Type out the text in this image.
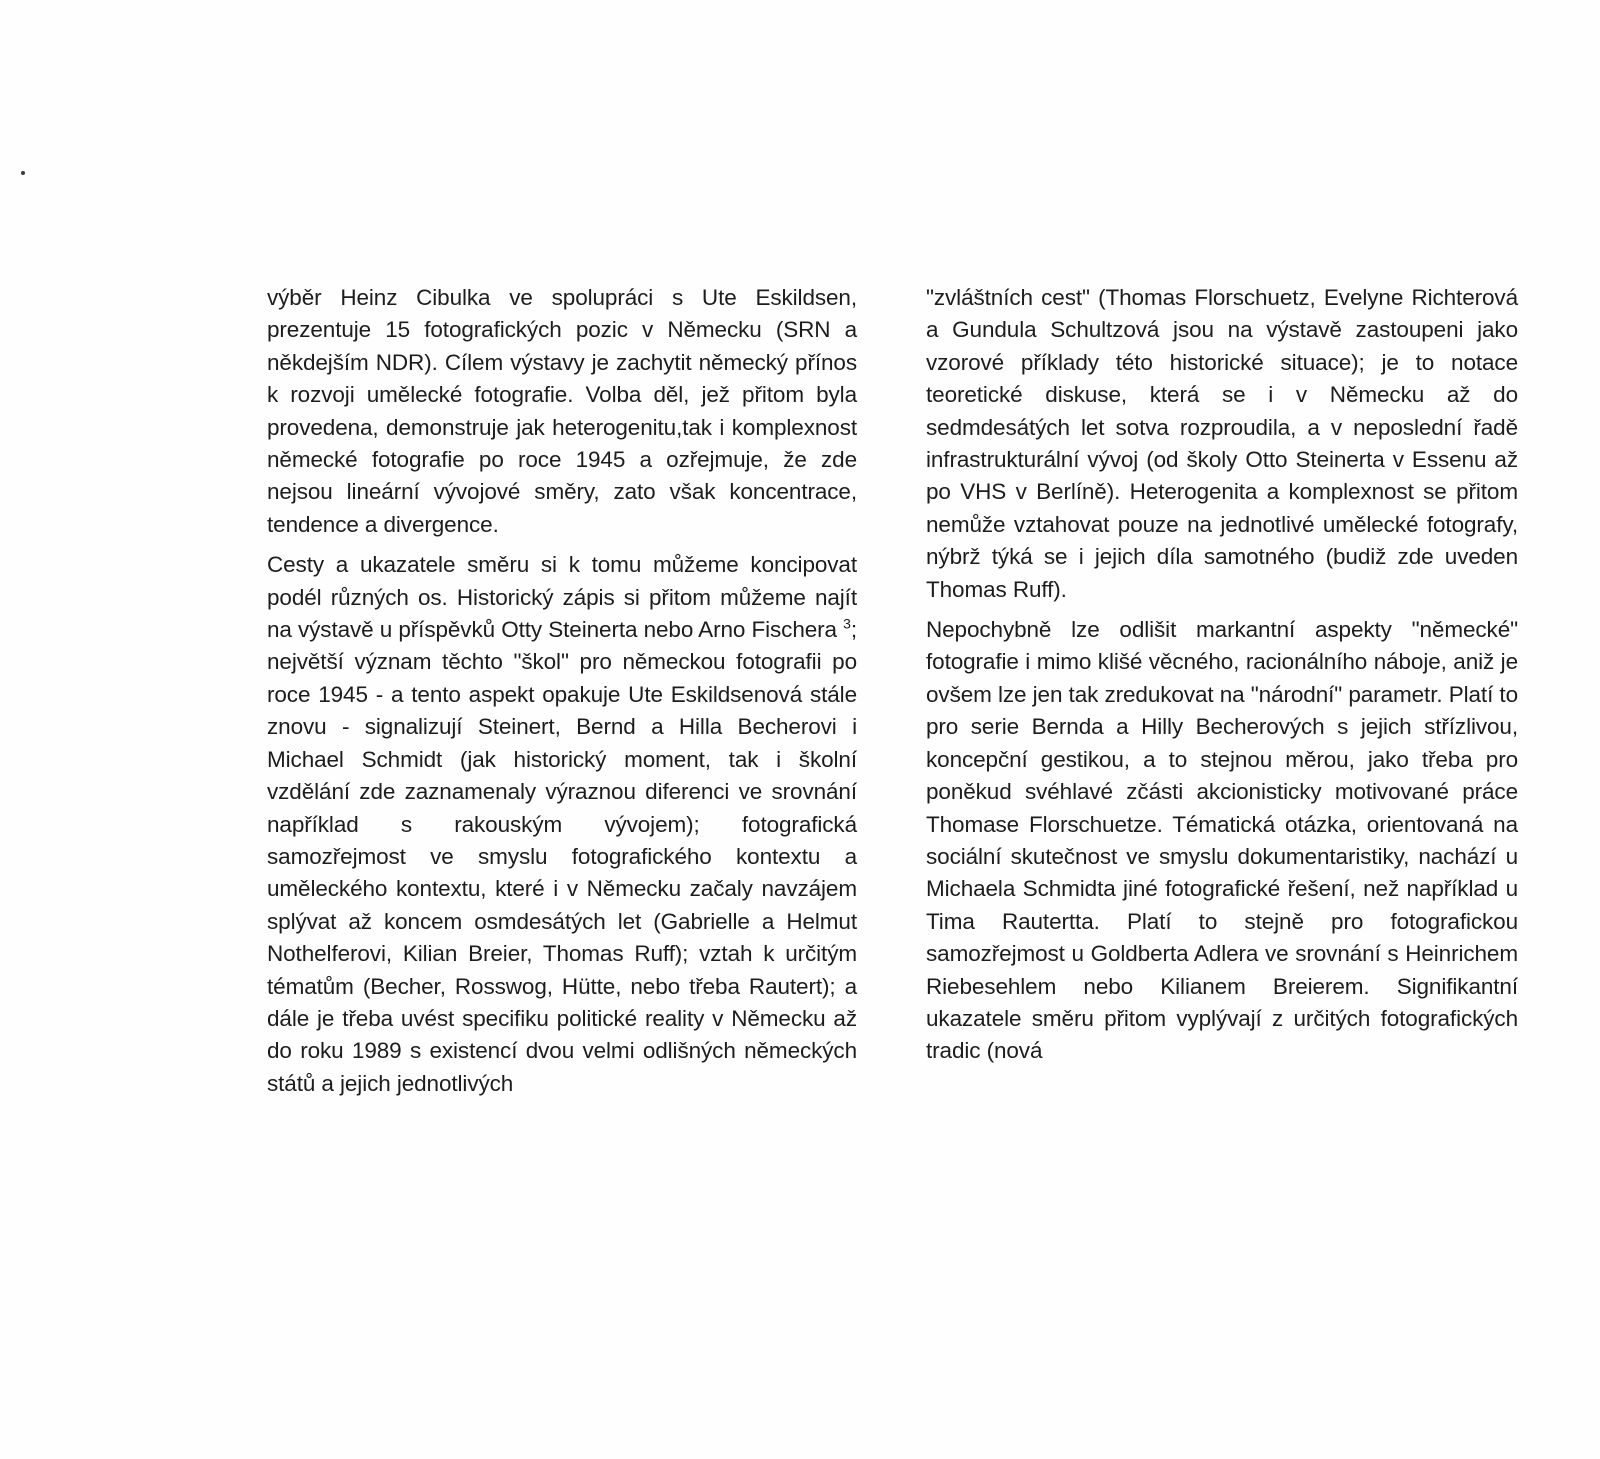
výběr Heinz Cibulka ve spolupráci s Ute Eskildsen, prezentuje 15 fotografických pozic v Německu (SRN a někdejším NDR). Cílem výstavy je zachytit německý přínos k rozvoji umělecké fotografie. Volba děl, jež přitom byla provedena, demonstruje jak heterogenitu,tak i komplexnost německé fotografie po roce 1945 a ozřejmuje, že zde nejsou lineární vývojové směry, zato však koncentrace, tendence a divergence.

Cesty a ukazatele směru si k tomu můžeme koncipovat podél různých os. Historický zápis si přitom můžeme najít na výstavě u příspěvků Otty Steinerta nebo Arno Fischera $^3$; největší význam těchto "škol" pro německou fotografii po roce 1945 - a tento aspekt opakuje Ute Eskildsenová stále znovu - signalizují Steinert, Bernd a Hilla Becherovi i Michael Schmidt (jak historický moment, tak i školní vzdělání zde zaznamenaly výraznou diferenci ve srovnání například s rakouským vývojem); fotografická samozřejmost ve smyslu fotografického kontextu a uměleckého kontextu, které i v Německu začaly navzájem splývat až koncem osmdesátých let (Gabrielle a Helmut Nothelferovi, Kilian Breier, Thomas Ruff); vztah k určitým tématům (Becher, Rosswog, Hütte, nebo třeba Rautert); a dále je třeba uvést specifiku politické reality v Německu až do roku 1989 s existencí dvou velmi odlišných německých států a jejich jednotlivých

"zvláštních cest" (Thomas Florschuetz, Evelyne Richterová a Gundula Schultzová jsou na výstavě zastoupeni jako vzorové příklady této historické situace); je to notace teoretické diskuse, která se i v Německu až do sedmdesátých let sotva rozproudila, a v neposlední řadě infrastrukturální vývoj (od školy Otto Steinerta v Essenu až po VHS v Berlíně). Heterogenita a komplexnost se přitom nemůže vztahovat pouze na jednotlivé umělecké fotografy, nýbrž týká se i jejich díla samotného (budiž zde uveden Thomas Ruff).

Nepochybně lze odlišit markantní aspekty "německé" fotografie i mimo klišé věcného, racionálního náboje, aniž je ovšem lze jen tak zredukovat na "národní" parametr. Platí to pro serie Bernda a Hilly Becherových s jejich střízlivou, koncepční gestikou, a to stejnou měrou, jako třeba pro poněkud svéhlavé zčásti akcionisticky motivované práce Thomase Florschuetze. Tématická otázka, orientovaná na sociální skutečnost ve smyslu dokumentaristiky, nachází u Michaela Schmidta jiné fotografické řešení, než například u Tima Rautertta. Platí to stejně pro fotografickou samozřejmost u Goldberta Adlera ve srovnání s Heinrichem Riebesehlem nebo Kilianem Breierem. Signifikantní ukazatele směru přitom vyplývají z určitých fotografických tradic (nová
